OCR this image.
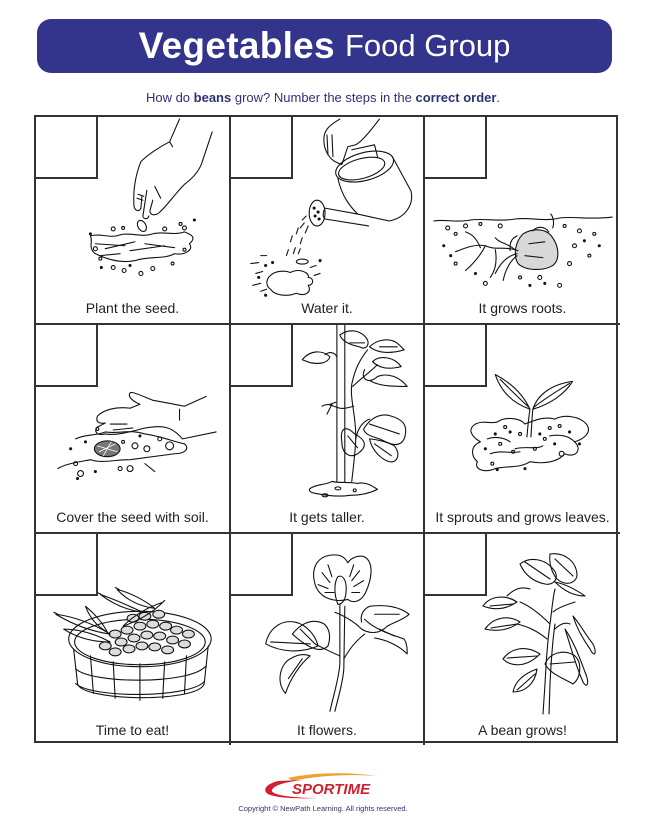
Vegetables Food Group
How do beans grow? Number the steps in the correct order.
Plant the seed.	Water it.	It grows roots.
Cover the seed with soil.	It gets taller.	It sprouts and grows leaves.
Time to eat!	It flowers.	A bean grows!
SPORTIME
Copyright © NewPath Learning. All rights reserved.
